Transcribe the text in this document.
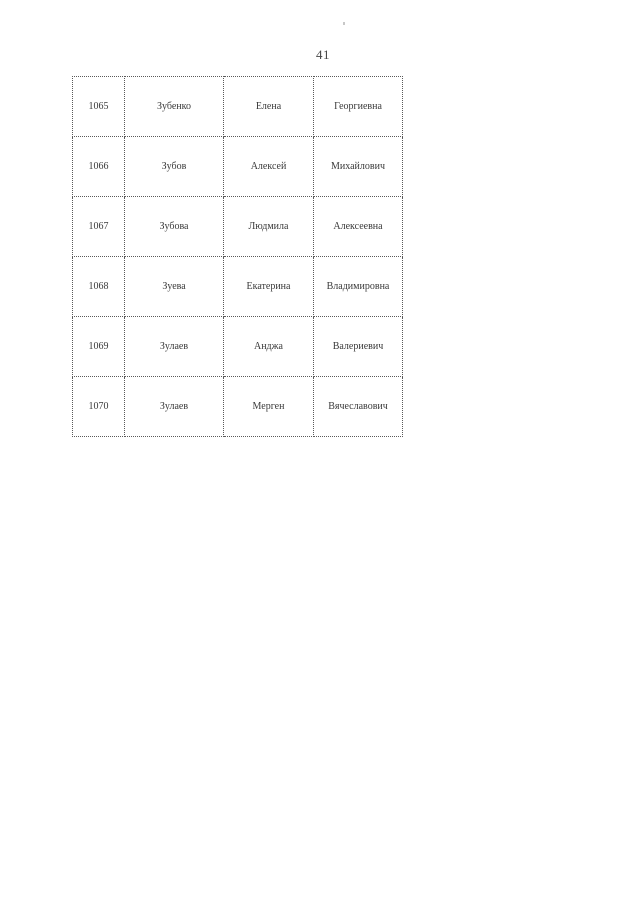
41
1065	Зубенко	Елена	Георгиевна
1066	Зубов	Алексей	Михайлович
1067	Зубова	Людмила	Алексеевна
1068	Зуева	Екатерина	Владимировна
1069	Зулаев	Анджа	Валериевич
1070	Зулаев	Мерген	Вячеславович
